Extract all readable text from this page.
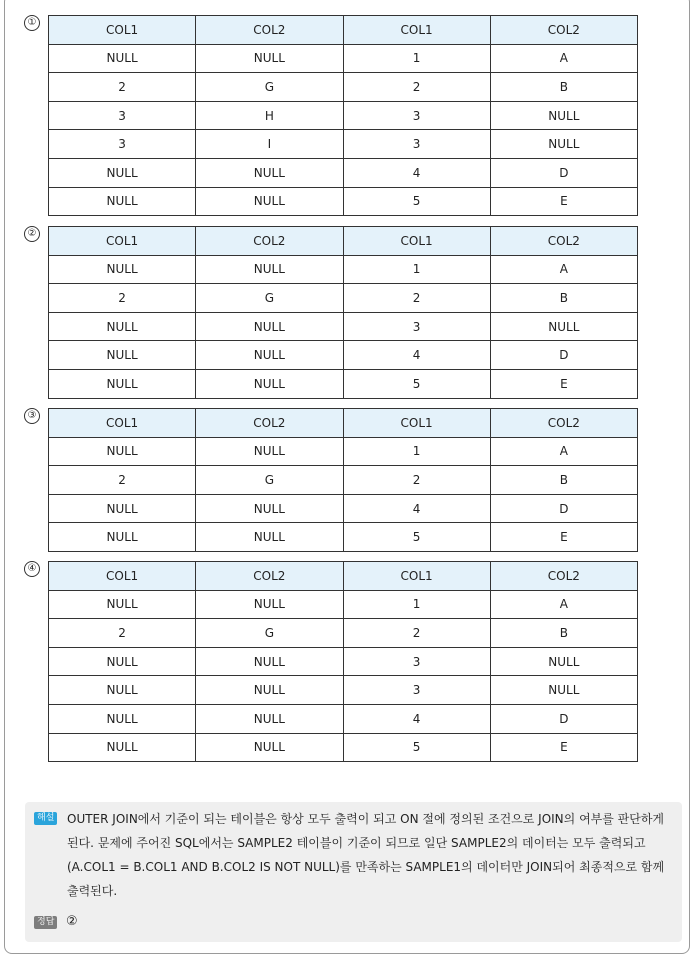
①
COL1	COL2	COL1	COL2
NULL	NULL	1	A
2	G	2	B
3	H	3	NULL
3	I	3	NULL
NULL	NULL	4	D
NULL	NULL	5	E
②
COL1	COL2	COL1	COL2
NULL	NULL	1	A
2	G	2	B
NULL	NULL	3	NULL
NULL	NULL	4	D
NULL	NULL	5	E
③
COL1	COL2	COL1	COL2
NULL	NULL	1	A
2	G	2	B
NULL	NULL	4	D
NULL	NULL	5	E
④
COL1	COL2	COL1	COL2
NULL	NULL	1	A
2	G	2	B
NULL	NULL	3	NULL
NULL	NULL	3	NULL
NULL	NULL	4	D
NULL	NULL	5	E
해설 OUTER JOIN에서 기준이 되는 테이블은 항상 모두 출력이 되고 ON 절에 정의된 조건으로 JOIN의 여부를 판단하게 된다. 문제에 주어진 SQL에서는 SAMPLE2 테이블이 기준이 되므로 일단 SAMPLE2의 데이터는 모두 출력되고 (A.COL1 = B.COL1 AND B.COL2 IS NOT NULL)를 만족하는 SAMPLE1의 데이터만 JOIN되어 최종적으로 함께 출력된다.
정답 ②
